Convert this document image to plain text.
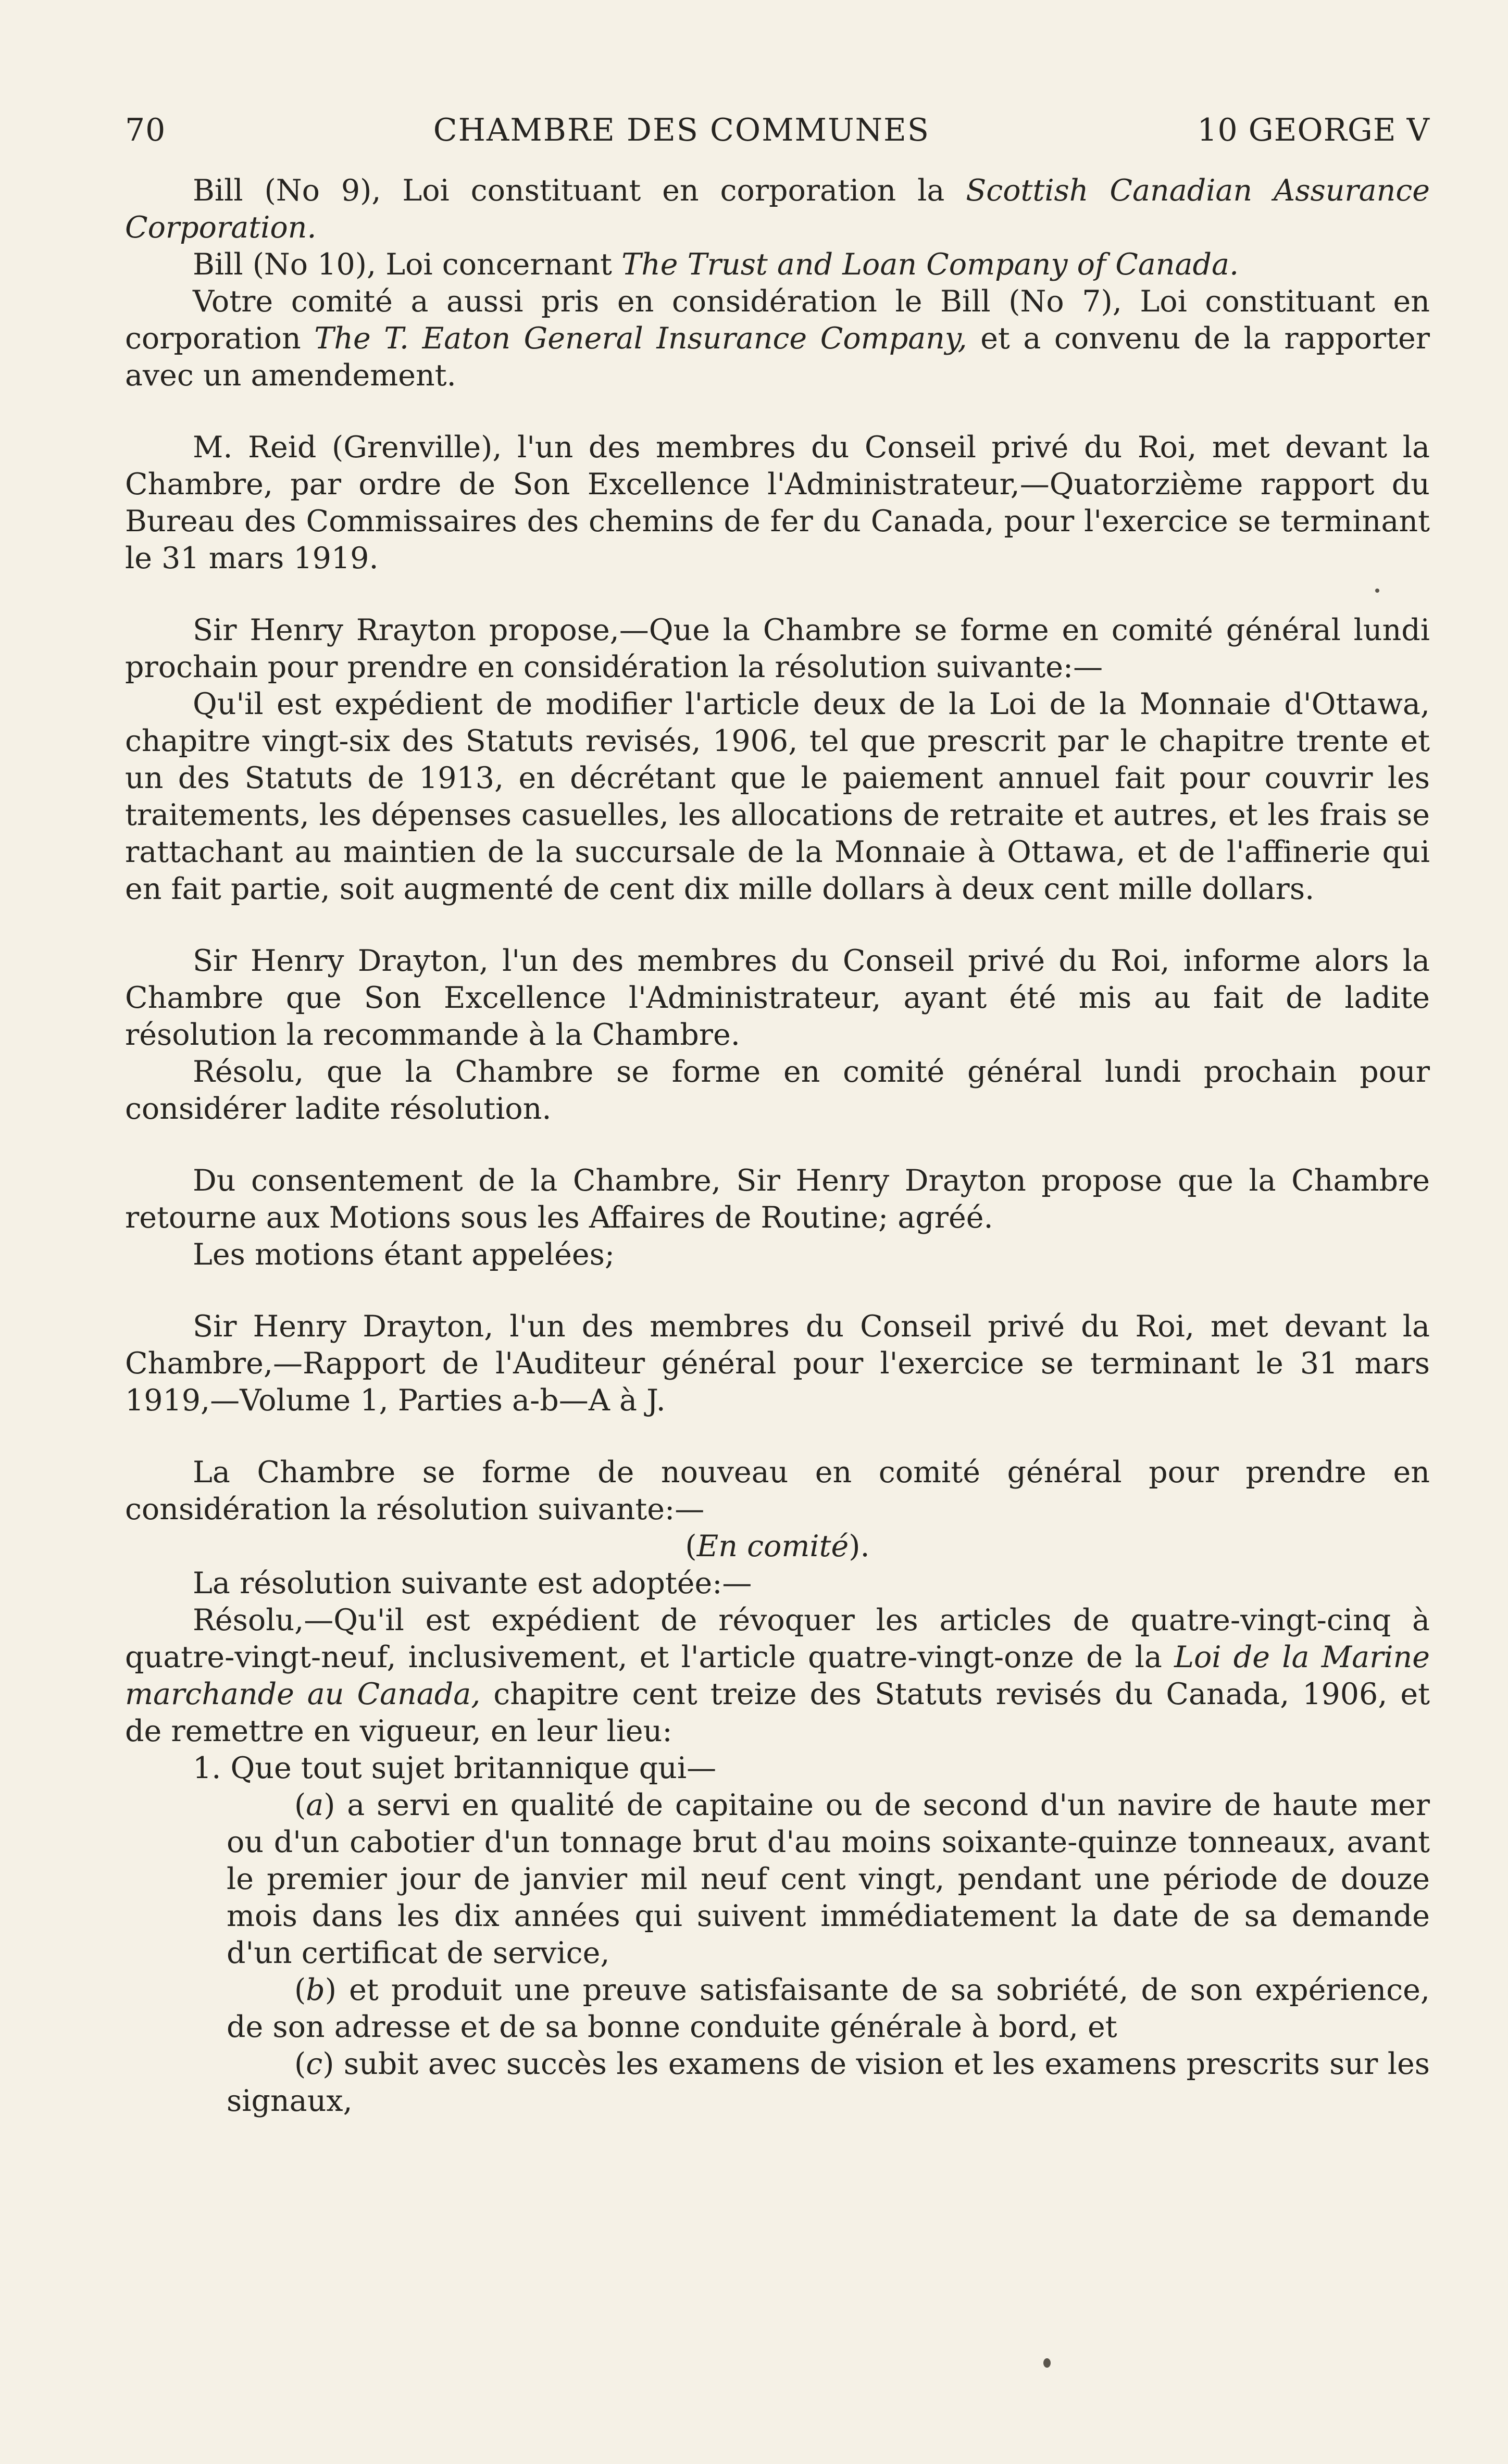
70	CHAMBRE DES COMMUNES	10 GEORGE V

Bill (No 9), Loi constituant en corporation la Scottish Canadian Assurance Corporation.

Bill (No 10), Loi concernant The Trust and Loan Company of Canada.

Votre comité a aussi pris en considération le Bill (No 7), Loi constituant en corporation The T. Eaton General Insurance Company, et a convenu de la rapporter avec un amendement.

M. Reid (Grenville), l'un des membres du Conseil privé du Roi, met devant la Chambre, par ordre de Son Excellence l'Administrateur,—Quatorzième rapport du Bureau des Commissaires des chemins de fer du Canada, pour l'exercice se terminant le 31 mars 1919.

Sir Henry Rrayton propose,—Que la Chambre se forme en comité général lundi prochain pour prendre en considération la résolution suivante:—

Qu'il est expédient de modifier l'article deux de la Loi de la Monnaie d'Ottawa, chapitre vingt-six des Statuts revisés, 1906, tel que prescrit par le chapitre trente et un des Statuts de 1913, en décrétant que le paiement annuel fait pour couvrir les traitements, les dépenses casuelles, les allocations de retraite et autres, et les frais se rattachant au maintien de la succursale de la Monnaie à Ottawa, et de l'affinerie qui en fait partie, soit augmenté de cent dix mille dollars à deux cent mille dollars.

Sir Henry Drayton, l'un des membres du Conseil privé du Roi, informe alors la Chambre que Son Excellence l'Administrateur, ayant été mis au fait de ladite résolution la recommande à la Chambre.

Résolu, que la Chambre se forme en comité général lundi prochain pour considérer ladite résolution.

Du consentement de la Chambre, Sir Henry Drayton propose que la Chambre retourne aux Motions sous les Affaires de Routine; agréé.

Les motions étant appelées;

Sir Henry Drayton, l'un des membres du Conseil privé du Roi, met devant la Chambre,—Rapport de l'Auditeur général pour l'exercice se terminant le 31 mars 1919,—Volume 1, Parties a-b—A à J.

La Chambre se forme de nouveau en comité général pour prendre en considération la résolution suivante:—

(En comité).

La résolution suivante est adoptée:—

Résolu,—Qu'il est expédient de révoquer les articles de quatre-vingt-cinq à quatre-vingt-neuf, inclusivement, et l'article quatre-vingt-onze de la Loi de la Marine marchande au Canada, chapitre cent treize des Statuts revisés du Canada, 1906, et de remettre en vigueur, en leur lieu:

1. Que tout sujet britannique qui—

(a) a servi en qualité de capitaine ou de second d'un navire de haute mer ou d'un cabotier d'un tonnage brut d'au moins soixante-quinze tonneaux, avant le premier jour de janvier mil neuf cent vingt, pendant une période de douze mois dans les dix années qui suivent immédiatement la date de sa demande d'un certificat de service,

(b) et produit une preuve satisfaisante de sa sobriété, de son expérience, de son adresse et de sa bonne conduite générale à bord, et

(c) subit avec succès les examens de vision et les examens prescrits sur les signaux,
